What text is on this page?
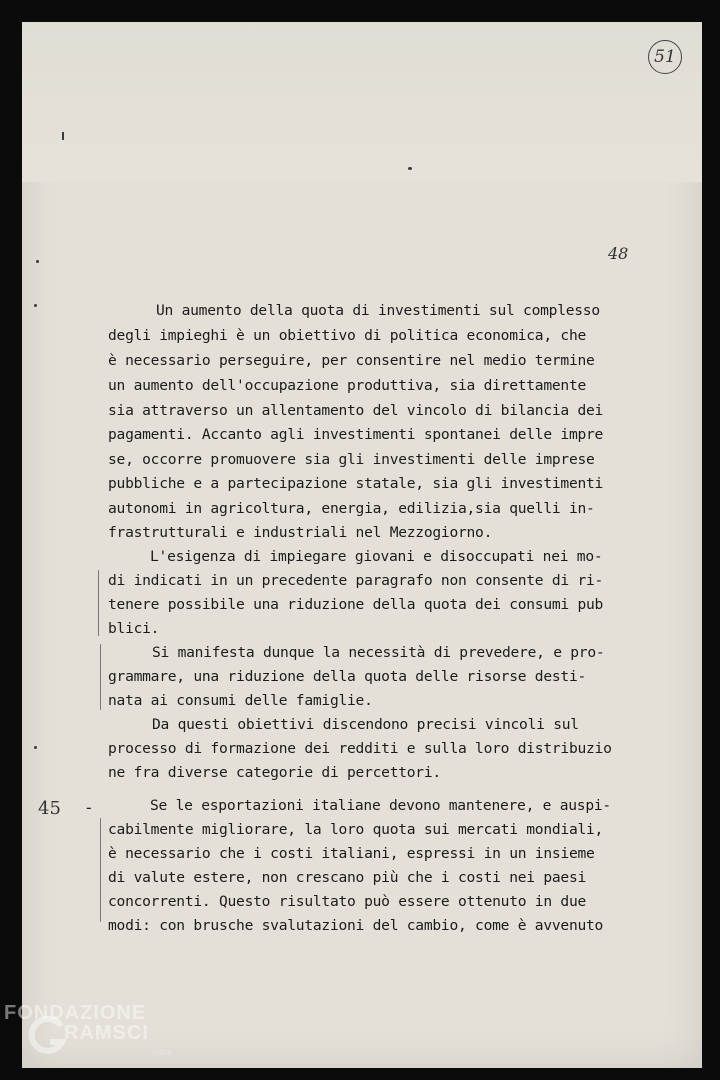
51
48
45 -
Un aumento della quota di investimenti sul complesso
degli impieghi è un obiettivo di politica economica, che
è necessario perseguire, per consentire nel medio termine
un aumento dell'occupazione produttiva, sia direttamente
sia attraverso un allentamento del vincolo di bilancia dei
pagamenti. Accanto agli investimenti spontanei delle impre
se, occorre promuovere sia gli investimenti delle imprese
pubbliche e a partecipazione statale, sia gli investimenti
autonomi in agricoltura, energia, edilizia,sia quelli in-
frastrutturali e industriali nel Mezzogiorno.
L'esigenza di impiegare giovani e disoccupati nei mo-
di indicati in un precedente paragrafo non consente di ri-
tenere possibile una riduzione della quota dei consumi pub
blici.
Si manifesta dunque la necessità di prevedere, e pro-
grammare, una riduzione della quota delle risorse desti-
nata ai consumi delle famiglie.
Da questi obiettivi discendono precisi vincoli sul
processo di formazione dei redditi e sulla loro distribuzio
ne fra diverse categorie di percettori.
Se le esportazioni italiane devono mantenere, e auspi-
cabilmente migliorare, la loro quota sui mercati mondiali,
è necessario che i costi italiani, espressi in un insieme
di valute estere, non crescano più che i costi nei paesi
concorrenti. Questo risultato può essere ottenuto in due
modi: con brusche svalutazioni del cambio, come è avvenuto
FONDAZIONE
RAMSCI
onlus
